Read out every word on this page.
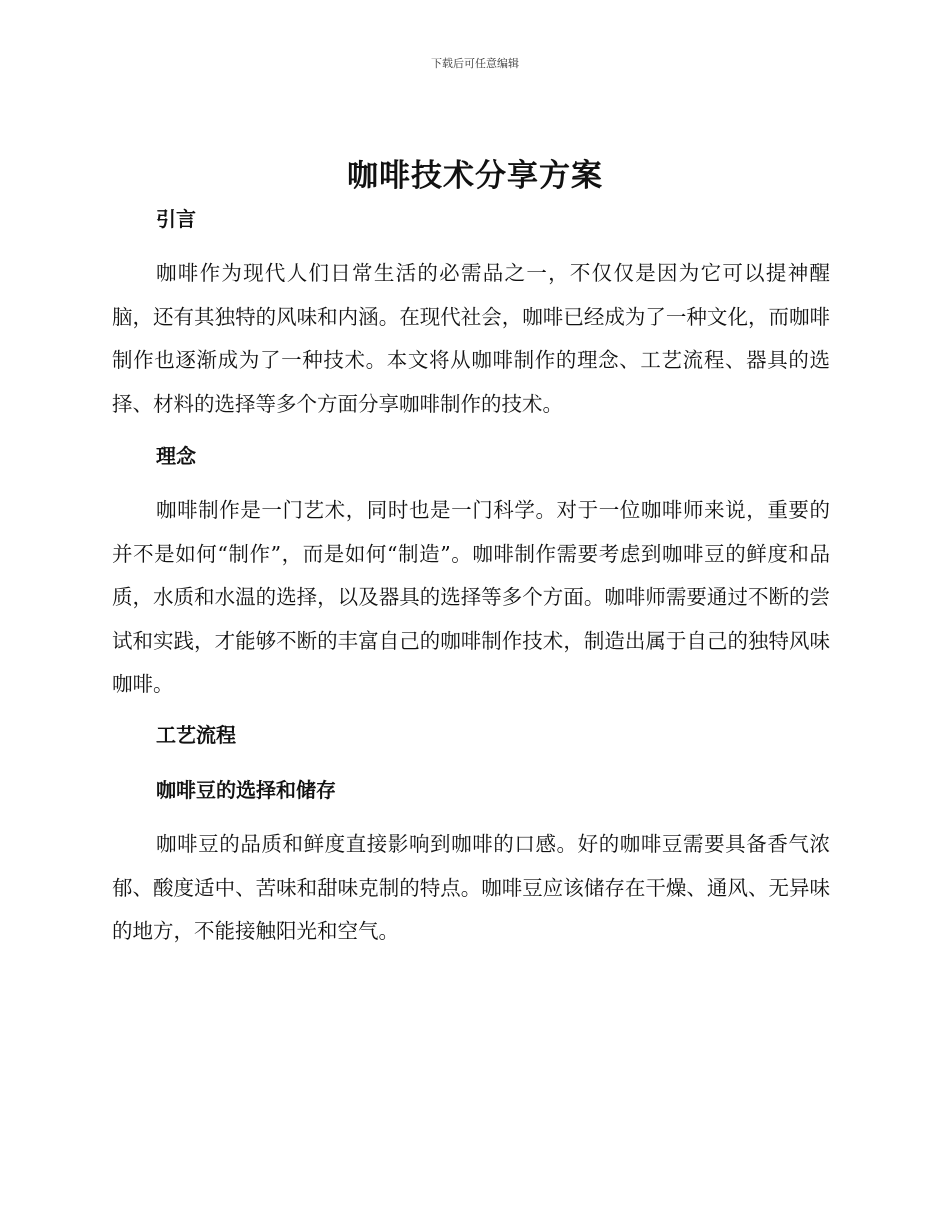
下载后可任意编辑
咖啡技术分享方案
引言

咖啡作为现代人们日常生活的必需品之一，不仅仅是因为它可以提神醒脑，还有其独特的风味和内涵。在现代社会，咖啡已经成为了一种文化，而咖啡制作也逐渐成为了一种技术。本文将从咖啡制作的理念、工艺流程、器具的选择、材料的选择等多个方面分享咖啡制作的技术。

理念

咖啡制作是一门艺术，同时也是一门科学。对于一位咖啡师来说，重要的并不是如何“制作”，而是如何“制造”。咖啡制作需要考虑到咖啡豆的鲜度和品质，水质和水温的选择，以及器具的选择等多个方面。咖啡师需要通过不断的尝试和实践，才能够不断的丰富自己的咖啡制作技术，制造出属于自己的独特风味咖啡。

工艺流程
咖啡豆的选择和储存

咖啡豆的品质和鲜度直接影响到咖啡的口感。好的咖啡豆需要具备香气浓郁、酸度适中、苦味和甜味克制的特点。咖啡豆应该储存在干燥、通风、无异味的地方，不能接触阳光和空气。
